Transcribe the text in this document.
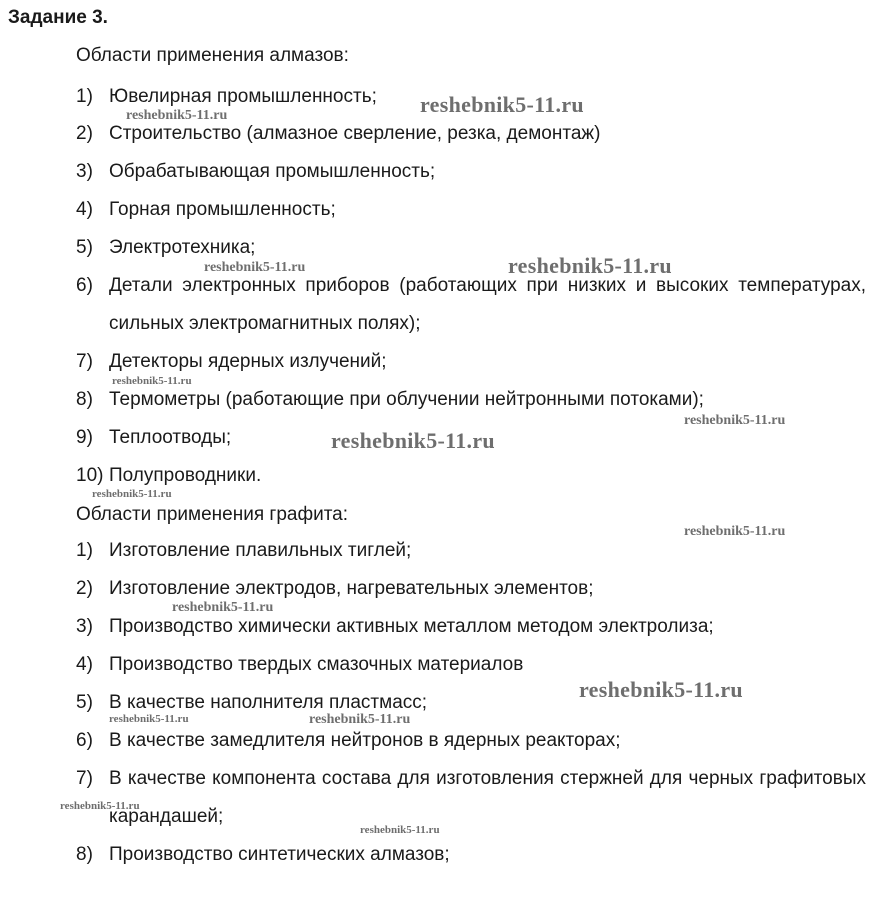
Задание 3.
Области применения алмазов:
1) Ювелирная промышленность;
2) Строительство (алмазное сверление, резка, демонтаж)
3) Обрабатывающая промышленность;
4) Горная промышленность;
5) Электротехника;
6) Детали электронных приборов (работающих при низких и высоких температурах, сильных электромагнитных полях);
7) Детекторы ядерных излучений;
8) Термометры (работающие при облучении нейтронными потоками);
9) Теплоотводы;
10) Полупроводники.
Области применения графита:
1) Изготовление плавильных тиглей;
2) Изготовление электродов, нагревательных элементов;
3) Производство химически активных металлом методом электролиза;
4) Производство твердых смазочных материалов
5) В качестве наполнителя пластмасс;
6) В качестве замедлителя нейтронов в ядерных реакторах;
7) В качестве компонента состава для изготовления стержней для черных графитовых карандашей;
8) Производство синтетических алмазов;
reshebnik5-11.ru
reshebnik5-11.ru
reshebnik5-11.ru
reshebnik5-11.ru
reshebnik5-11.ru
reshebnik5-11.ru
reshebnik5-11.ru
reshebnik5-11.ru
reshebnik5-11.ru
reshebnik5-11.ru
reshebnik5-11.ru
reshebnik5-11.ru	reshebnik5-11.ru
reshebnik5-11.ru
reshebnik5-11.ru
